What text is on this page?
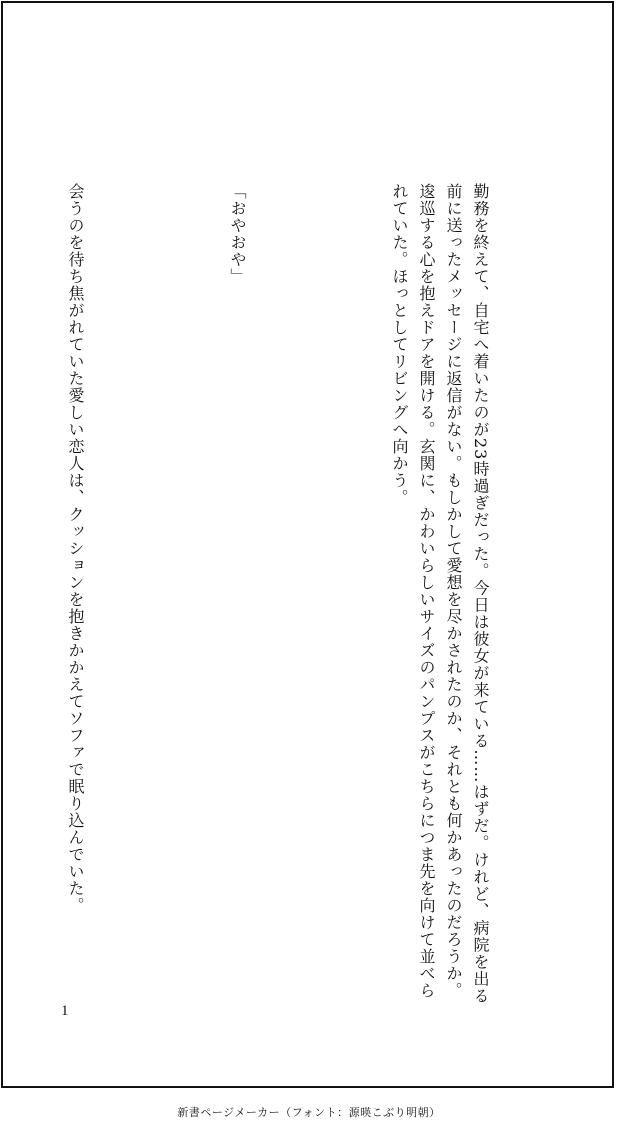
勤務を終えて、自宅へ着いたのが23時過ぎだった。今日は彼女が来ている……はずだ。けれど、病院を出る前に送ったメッセージに返信がない。もしかして愛想を尽かされたのか、それとも何かあったのだろうか。逡巡する心を抱えドアを開ける。玄関に、かわいらしいサイズのパンプスがこちらにつま先を向けて並べられていた。ほっとしてリビングへ向かう。

「おやおや」

会うのを待ち焦がれていた愛しい恋人は、クッションを抱きかかえてソファで眠り込んでいた。

1
新書ページメーカー（フォント：源暎こぶり明朝）
